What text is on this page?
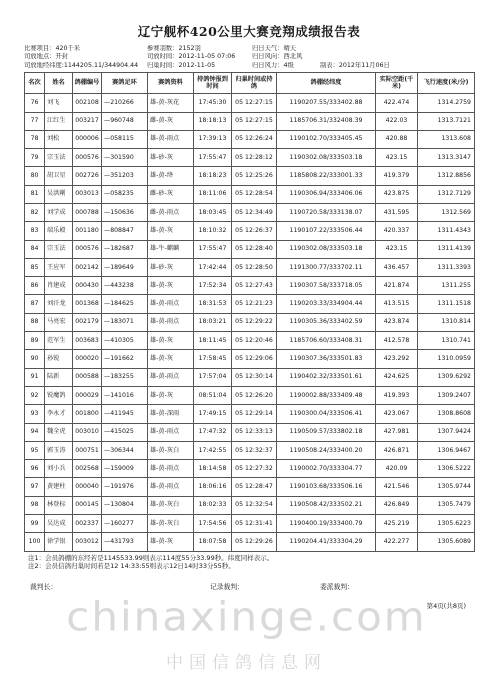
辽宁舰杯420公里大赛竞翔成绩报告表
比赛项目：420千米	参赛羽数：2152羽	归日天气：晴天
司放地点：开封	司放时间：2012-11-05 07:06	归日风向：西北风
司放地经纬度:1144205.11/344904.44	归巢时间：2012-11-05	归日风力：4级	制表：2012年11月06日
名次	姓名	鸽棚编号	赛鸽足环	赛鸽资料	持鸽钟报到时间	归巢时间或持鸽	鸽棚经纬度	实际空距(千米)	飞行速度(米/分)
76	刘飞	002108	—210266	雄-黄-灰花	17:45:30	05 12:27:15	1190207.55/333402.88	422.474	1314.2759
77	江红生	003217	—960748	雌-黄-灰	18:18:13	05 12:27:15	1185706.31/332408.39	422.03	1313.7121
78	刘松	000006	—058115	雄-黄-雨点	17:39:13	05 12:26:24	1190102.70/333405.45	420.88	1313.608
79	宗玉法	000576	—301590	雄-砂-灰	17:55:47	05 12:28:12	1190302.08/333503.18	423.15	1313.3147
80	胡卫星	002726	—351203	雄-黄-绛	18:18:23	05 12:25:26	1185808.22/333001.33	419.379	1312.8856
81	吴洪剛	003013	—058235	雌-砂-灰	18:11:06	05 12:28:54	1190306.94/333406.06	423.875	1312.7129
82	刘学成	000788	—150636	雌-黄-雨点	18:03:45	05 12:34:49	1190720.58/333138.07	431.595	1312.569
83	端乐殿	001180	—808847	雄-黄-灰	18:10:32	05 12:26:37	1190107.22/333506.44	420.337	1311.4343
84	宗玉法	000576	—182687	雄-牛-麒麟	17:55:47	05 12:28:40	1190302.08/333503.18	423.15	1311.4139
85	王应军	002142	—189649	雄-砂-灰	17:42:44	05 12:28:50	1191300.77/333702.11	436.457	1311.3393
86	肖建成	000430	—443238	雄-黄-灰	17:52:34	05 12:27:43	1190307.58/333718.05	421.874	1311.255
87	刘汗龙	001368	—184625	雄-黄-雨点	18:31:53	05 12:21:23	1190203.33/334904.44	413.515	1311.1518
88	马亮宏	002179	—183071	雄-黄-雨点	18:03:21	05 12:29:22	1190305.36/333402.59	423.874	1310.814
89	范军生	003683	—410305	雄-黄-灰	18:11:45	05 12:20:46	1185706.60/333408.31	412.578	1310.741
90	孙锐	000020	—191662	雄-黄-灰	17:58:45	05 12:29:06	1190307.36/333501.83	423.292	1310.0959
91	陆新	000588	—183255	雄-黄-雨点	17:57:04	05 12:30:14	1190402.32/333501.61	424.625	1309.6292
92	锐魔鸽	000029	—141016	雄-黄-灰	08:51:04	05 12:26:20	1190002.88/333409.48	419.393	1309.2407
93	李永才	001800	—411945	雄-黄-深雨	17:49:15	05 12:29:14	1190300.04/333506.41	423.067	1308.8608
94	魏全虎	003010	—415025	雄-黄-雨点	17:47:32	05 12:33:13	1190509.57/333802.18	427.981	1307.9424
95	郭玉涛	000751	—306344	雄-黄-灰白	17:42:55	05 12:32:37	1190508.24/333400.20	426.871	1306.9467
96	刘小兵	002568	—159009	雄-黄-雨点	18:14:58	05 12:27:32	1190002.70/333304.77	420.09	1306.5222
97	黄建柱	000040	—191976	雄-黄-雨点	18:06:16	05 12:28:47	1190103.68/333506.16	421.546	1305.9744
98	林登标	000145	—130804	雄-黄-灰白	18:02:33	05 12:32:54	1190508.42/333502.21	426.849	1305.7479
99	吴达成	002337	—160277	雄-黄-灰白	17:54:56	05 12:31:41	1190400.19/333400.79	425.219	1305.6223
100	徐学银	003012	—431793	雄-黄-灰	18:07:58	05 12:29:26	1190204.41/333304.29	422.277	1305.6089
注1：会员鸽棚的东经若是1145533.99则表示114度55分33.99秒。纬度同样表示。
注2：会员信鸽归巢时间若是12 14:33:55则表示12日14时33分55秒。
裁判长：	记录裁判：	委派裁判：
第4页(共8页)
chinaxinge.com
中国信鸽信息网
